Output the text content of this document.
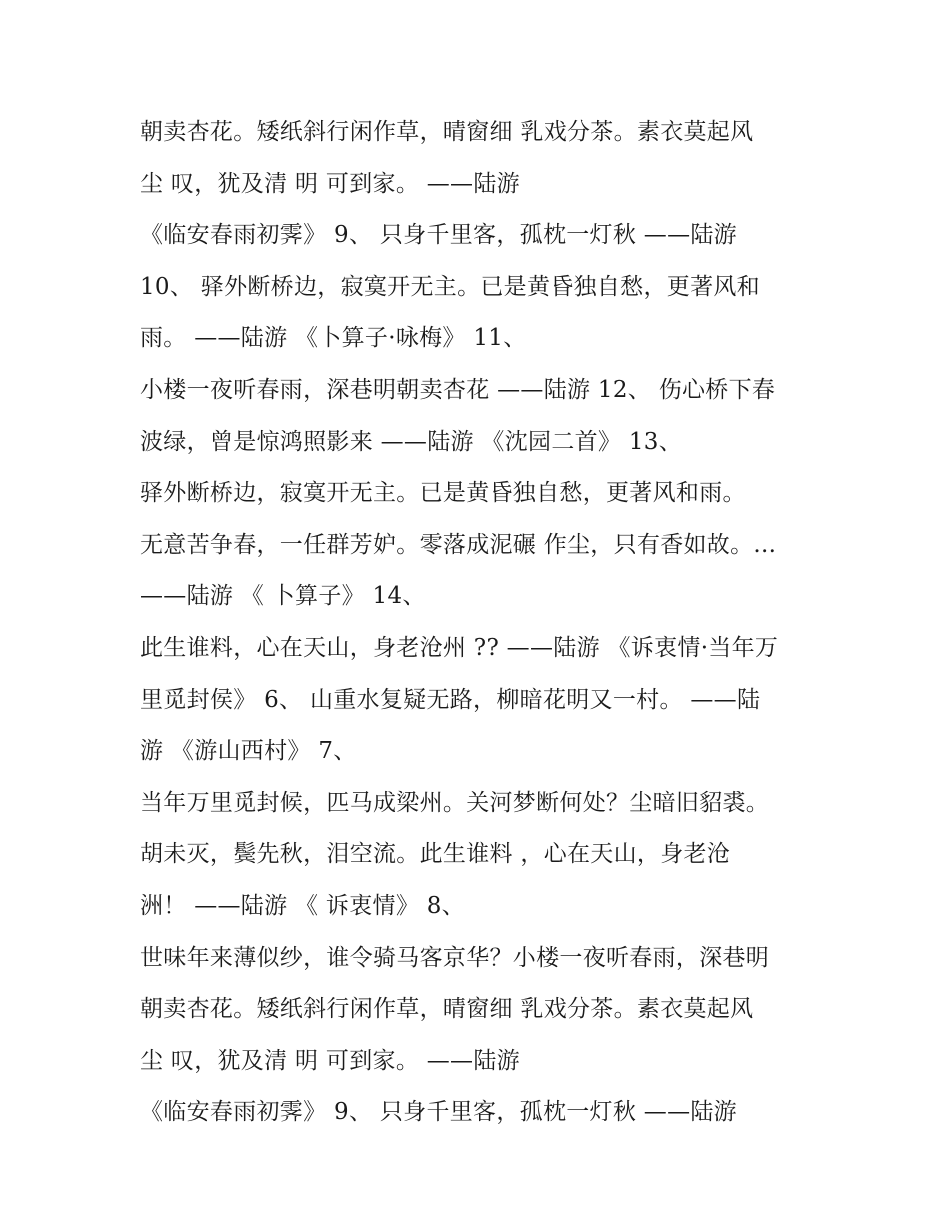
朝卖杏花。矮纸斜行闲作草，晴窗细 乳戏分茶。素衣莫起风
尘 叹，犹及清 明 可到家。 ——陆游
《临安春雨初霁》 9、 只身千里客，孤枕一灯秋 ——陆游
10、 驿外断桥边，寂寞开无主。已是黄昏独自愁，更著风和
雨。 ——陆游 《卜算子·咏梅》 11、
小楼一夜听春雨，深巷明朝卖杏花 ——陆游 12、 伤心桥下春
波绿，曾是惊鸿照影来 ——陆游 《沈园二首》 13、
驿外断桥边，寂寞开无主。已是黄昏独自愁，更著风和雨。
无意苦争春，一任群芳妒。零落成泥碾 作尘，只有香如故。...
——陆游 《 卜算子》 14、
此生谁料，心在天山，身老沧州 ?? ——陆游 《诉衷情·当年万
里觅封侯》 6、 山重水复疑无路，柳暗花明又一村。 ——陆
游 《游山西村》 7、
当年万里觅封候，匹马成梁州。关河梦断何处？尘暗旧貂裘。
胡未灭，鬓先秋，泪空流。此生谁料 ，心在天山，身老沧
洲！ ——陆游 《 诉衷情》 8、
世味年来薄似纱，谁令骑马客京华？小楼一夜听春雨，深巷明
朝卖杏花。矮纸斜行闲作草，晴窗细 乳戏分茶。素衣莫起风
尘 叹，犹及清 明 可到家。 ——陆游
《临安春雨初霁》 9、 只身千里客，孤枕一灯秋 ——陆游
